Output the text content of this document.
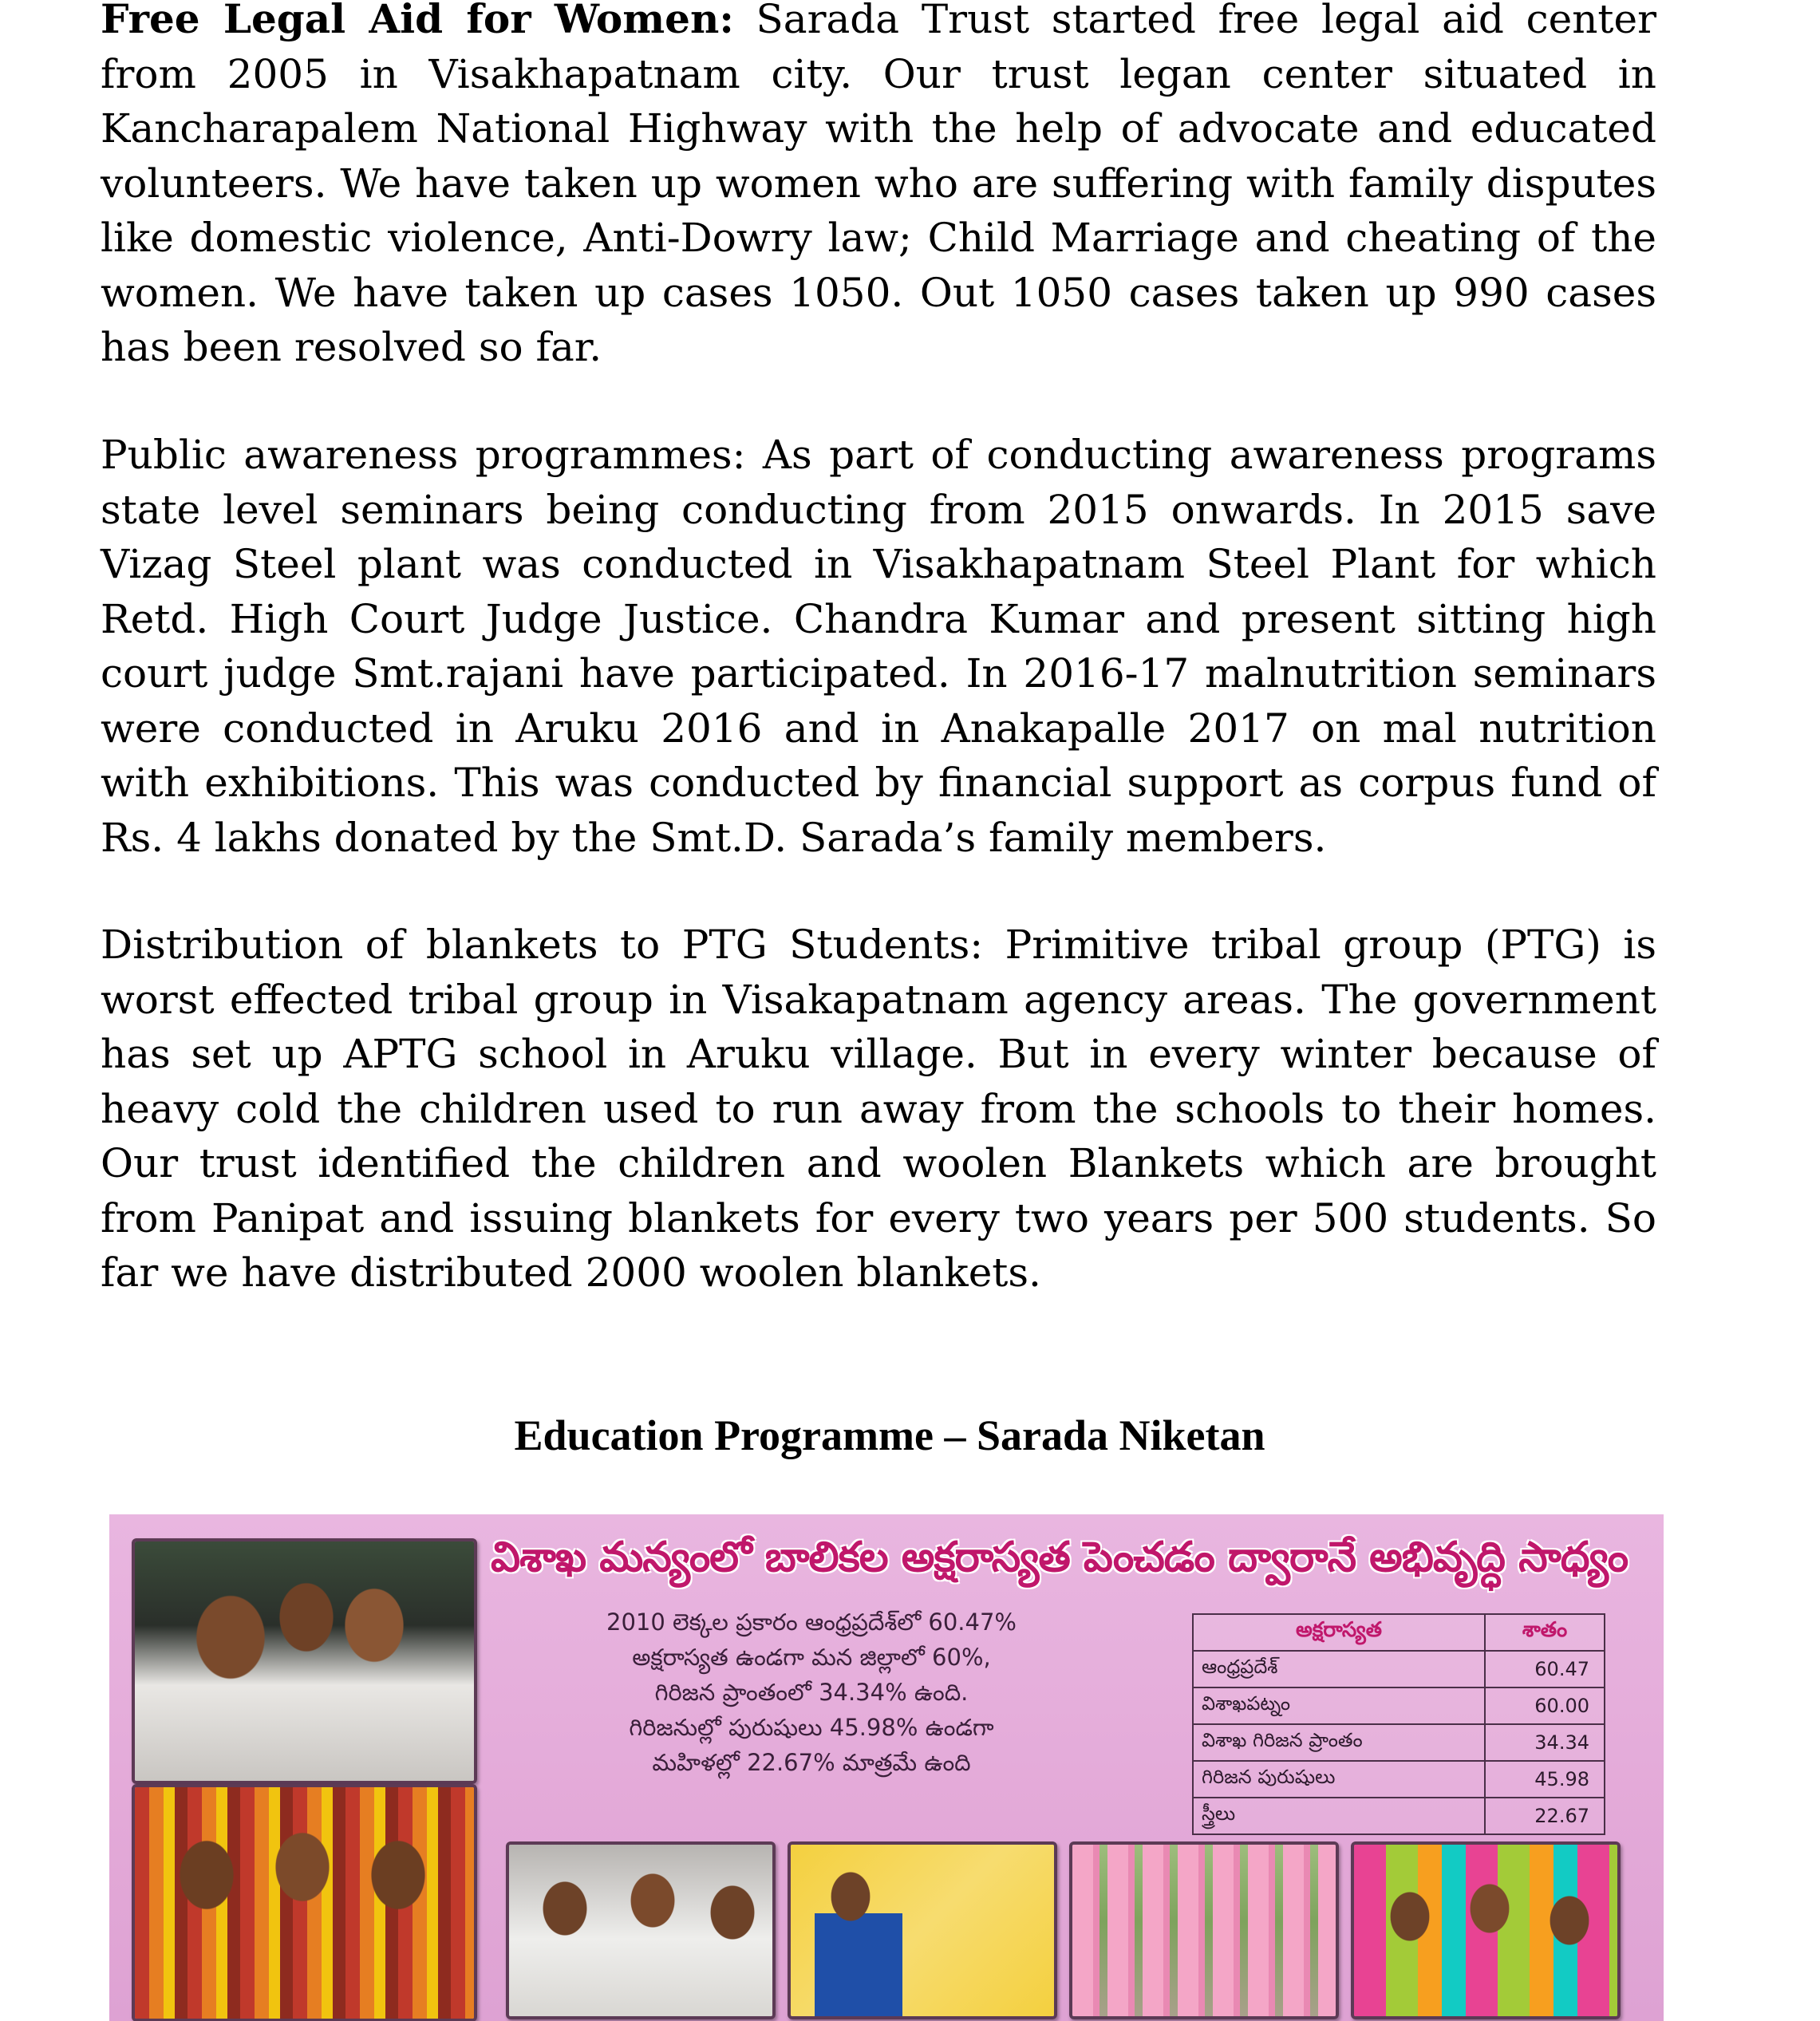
Free Legal Aid for Women: Sarada Trust started free legal aid center from 2005 in Visakhapatnam city. Our trust legan center situated in Kancharapalem National Highway with the help of advocate and educated volunteers. We have taken up women who are suffering with family disputes like domestic violence, Anti-Dowry law; Child Marriage and cheating of the women. We have taken up cases 1050. Out 1050 cases taken up 990 cases has been resolved so far.

Public awareness programmes: As part of conducting awareness programs state level seminars being conducting from 2015 onwards. In 2015 save Vizag Steel plant was conducted in Visakhapatnam Steel Plant for which Retd. High Court Judge Justice. Chandra Kumar and present sitting high court judge Smt.rajani have participated. In 2016-17 malnutrition seminars were conducted in Aruku 2016 and in Anakapalle 2017 on mal nutrition with exhibitions. This was conducted by financial support as corpus fund of Rs. 4 lakhs donated by the Smt.D. Sarada’s family members.

Distribution of blankets to PTG Students: Primitive tribal group (PTG) is worst effected tribal group in Visakapatnam agency areas. The government has set up APTG school in Aruku village. But in every winter because of heavy cold the children used to run away from the schools to their homes. Our trust identified the children and woolen Blankets which are brought from Panipat and issuing blankets for every two years per 500 students. So far we have distributed 2000 woolen blankets.

Education Programme – Sarada Niketan
విశాఖ మన్యంలో బాలికల అక్షరాస్యత పెంచడం ద్వారానే అభివృద్ధి సాధ్యం
2010 లెక్కల ప్రకారం ఆంధ్రప్రదేశ్‌లో 60.47%
అక్షరాస్యత ఉండగా మన జిల్లాలో 60%,
గిరిజన ప్రాంతంలో 34.34% ఉంది.
గిరిజనుల్లో పురుషులు 45.98% ఉండగా
మహిళల్లో 22.67% మాత్రమే ఉంది
అక్షరాస్యత	శాతం
ఆంధ్రప్రదేశ్	60.47
విశాఖపట్నం	60.00
విశాఖ గిరిజన ప్రాంతం	34.34
గిరిజన పురుషులు	45.98
స్త్రీలు	22.67
